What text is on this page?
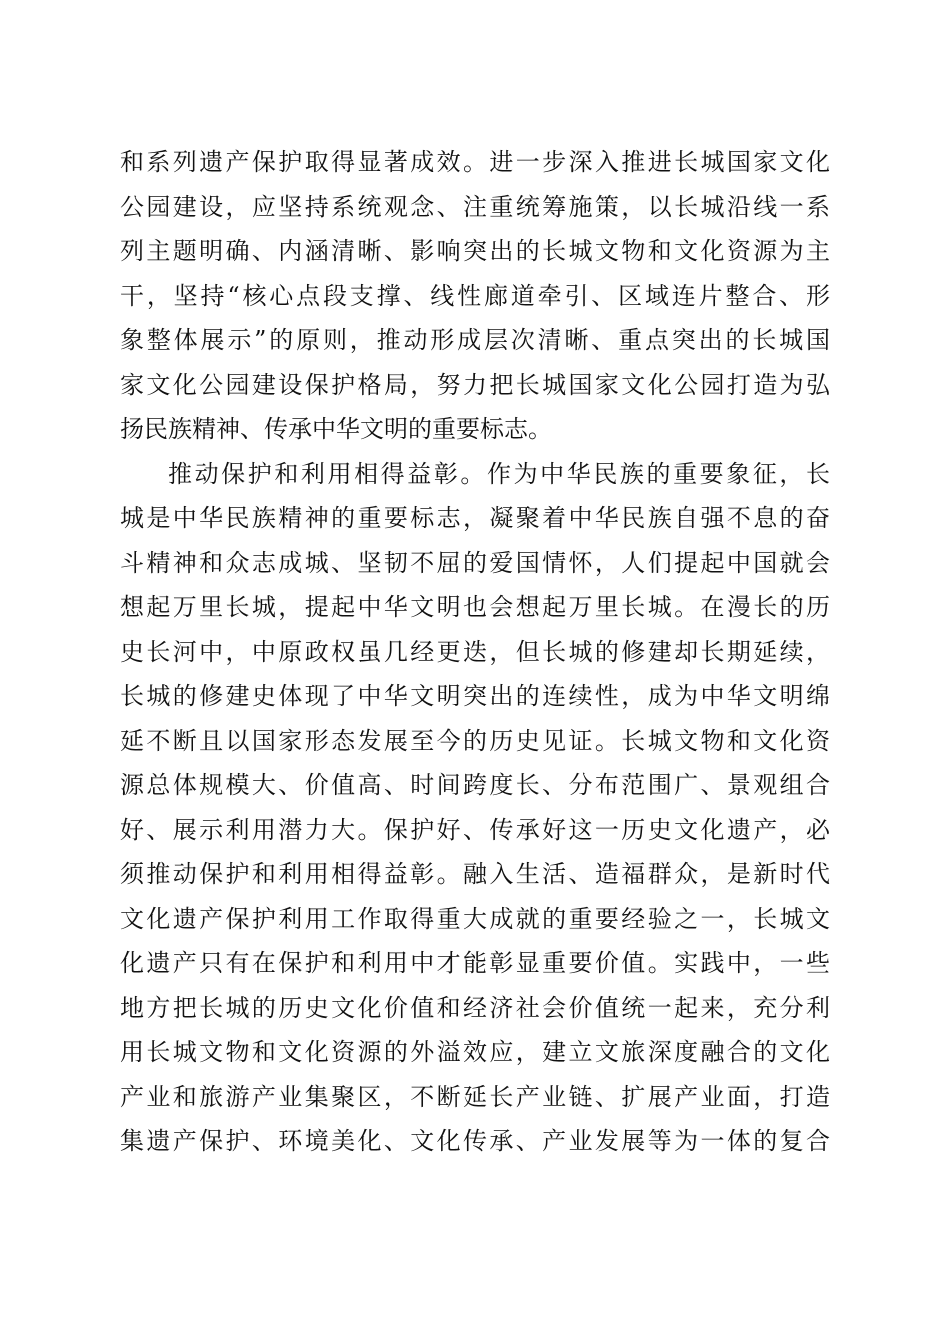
和系列遗产保护取得显著成效。进一步深入推进长城国家文化
公园建设，应坚持系统观念、注重统筹施策，以长城沿线一系
列主题明确、内涵清晰、影响突出的长城文物和文化资源为主
干，坚持“核心点段支撑、线性廊道牵引、区域连片整合、形
象整体展示”的原则，推动形成层次清晰、重点突出的长城国
家文化公园建设保护格局，努力把长城国家文化公园打造为弘
扬民族精神、传承中华文明的重要标志。
推动保护和利用相得益彰。作为中华民族的重要象征，长
城是中华民族精神的重要标志，凝聚着中华民族自强不息的奋
斗精神和众志成城、坚韧不屈的爱国情怀，人们提起中国就会
想起万里长城，提起中华文明也会想起万里长城。在漫长的历
史长河中，中原政权虽几经更迭，但长城的修建却长期延续，
长城的修建史体现了中华文明突出的连续性，成为中华文明绵
延不断且以国家形态发展至今的历史见证。长城文物和文化资
源总体规模大、价值高、时间跨度长、分布范围广、景观组合
好、展示利用潜力大。保护好、传承好这一历史文化遗产，必
须推动保护和利用相得益彰。融入生活、造福群众，是新时代
文化遗产保护利用工作取得重大成就的重要经验之一，长城文
化遗产只有在保护和利用中才能彰显重要价值。实践中，一些
地方把长城的历史文化价值和经济社会价值统一起来，充分利
用长城文物和文化资源的外溢效应，建立文旅深度融合的文化
产业和旅游产业集聚区，不断延长产业链、扩展产业面，打造
集遗产保护、环境美化、文化传承、产业发展等为一体的复合
